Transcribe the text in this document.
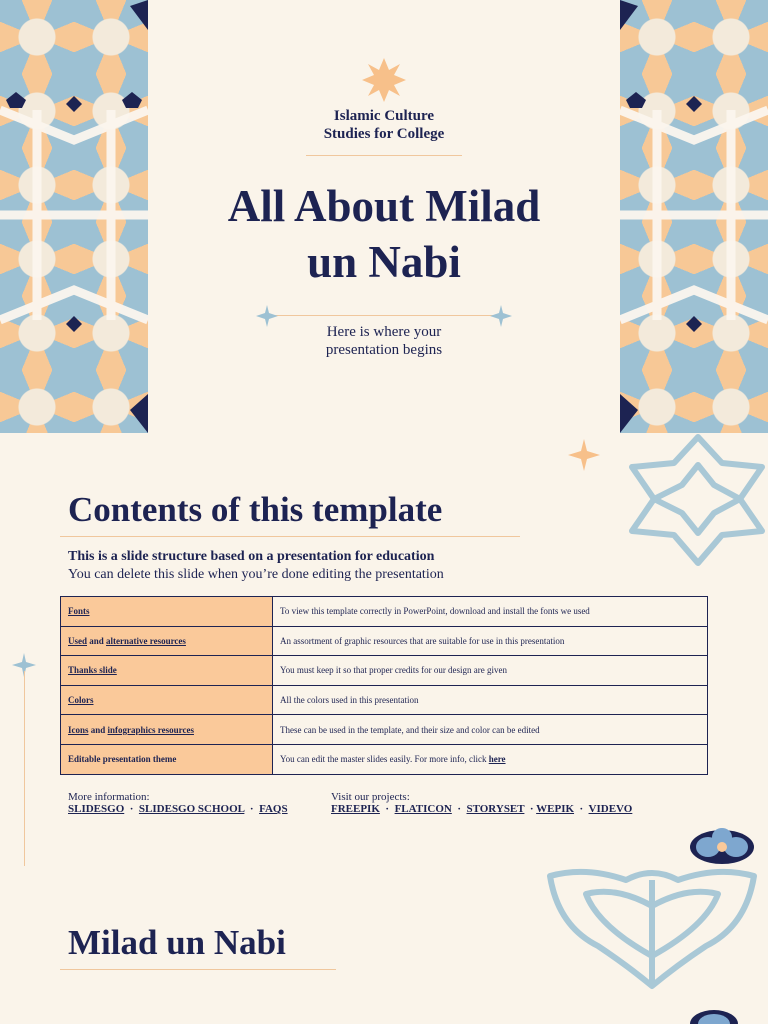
Islamic Culture
Studies for College
All About Milad
un Nabi
Here is where your
presentation begins
Contents of this template

This is a slide structure based on a presentation for education

You can delete this slide when you’re done editing the presentation

Fonts	To view this template correctly in PowerPoint, download and install the fonts we used
Used and alternative resources	An assortment of graphic resources that are suitable for use in this presentation
Thanks slide	You must keep it so that proper credits for our design are given
Colors	All the colors used in this presentation
Icons and infographics resources	These can be used in the template, and their size and color can be edited
Editable presentation theme	You can edit the master slides easily. For more info, click here
More information:
SLIDESGO · SLIDESGO SCHOOL · FAQS
Visit our projects:
FREEPIK · FLATICON · STORYSET · WEPIK · VIDEVO
Milad un Nabi
